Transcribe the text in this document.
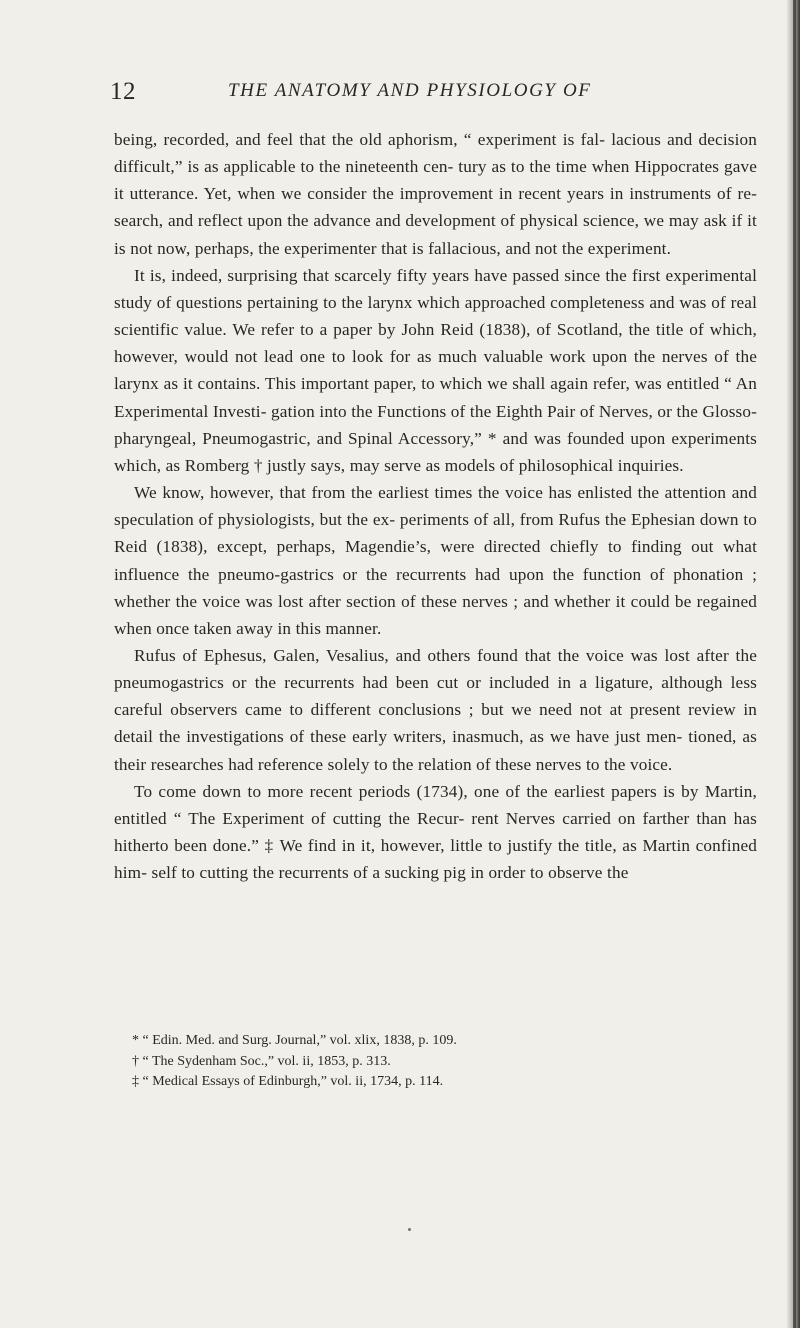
12	THE ANATOMY AND PHYSIOLOGY OF

being, recorded, and feel that the old aphorism, “ experiment is fal- lacious and decision difficult,” is as applicable to the nineteenth cen- tury as to the time when Hippocrates gave it utterance. Yet, when we consider the improvement in recent years in instruments of re- search, and reflect upon the advance and development of physical science, we may ask if it is not now, perhaps, the experimenter that is fallacious, and not the experiment.

It is, indeed, surprising that scarcely fifty years have passed since the first experimental study of questions pertaining to the larynx which approached completeness and was of real scientific value. We refer to a paper by John Reid (1838), of Scotland, the title of which, however, would not lead one to look for as much valuable work upon the nerves of the larynx as it contains. This important paper, to which we shall again refer, was entitled “ An Experimental Investi- gation into the Functions of the Eighth Pair of Nerves, or the Glosso-pharyngeal, Pneumogastric, and Spinal Accessory,” * and was founded upon experiments which, as Romberg † justly says, may serve as models of philosophical inquiries.

We know, however, that from the earliest times the voice has enlisted the attention and speculation of physiologists, but the ex- periments of all, from Rufus the Ephesian down to Reid (1838), except, perhaps, Magendie’s, were directed chiefly to finding out what influence the pneumo-gastrics or the recurrents had upon the function of phonation ; whether the voice was lost after section of these nerves ; and whether it could be regained when once taken away in this manner.

Rufus of Ephesus, Galen, Vesalius, and others found that the voice was lost after the pneumogastrics or the recurrents had been cut or included in a ligature, although less careful observers came to different conclusions ; but we need not at present review in detail the investigations of these early writers, inasmuch, as we have just men- tioned, as their researches had reference solely to the relation of these nerves to the voice.

To come down to more recent periods (1734), one of the earliest papers is by Martin, entitled “ The Experiment of cutting the Recur- rent Nerves carried on farther than has hitherto been done.” ‡ We find in it, however, little to justify the title, as Martin confined him- self to cutting the recurrents of a sucking pig in order to observe the

* “ Edin. Med. and Surg. Journal,” vol. xlix, 1838, p. 109.

† “ The Sydenham Soc.,” vol. ii, 1853, p. 313.

‡ “ Medical Essays of Edinburgh,” vol. ii, 1734, p. 114.
